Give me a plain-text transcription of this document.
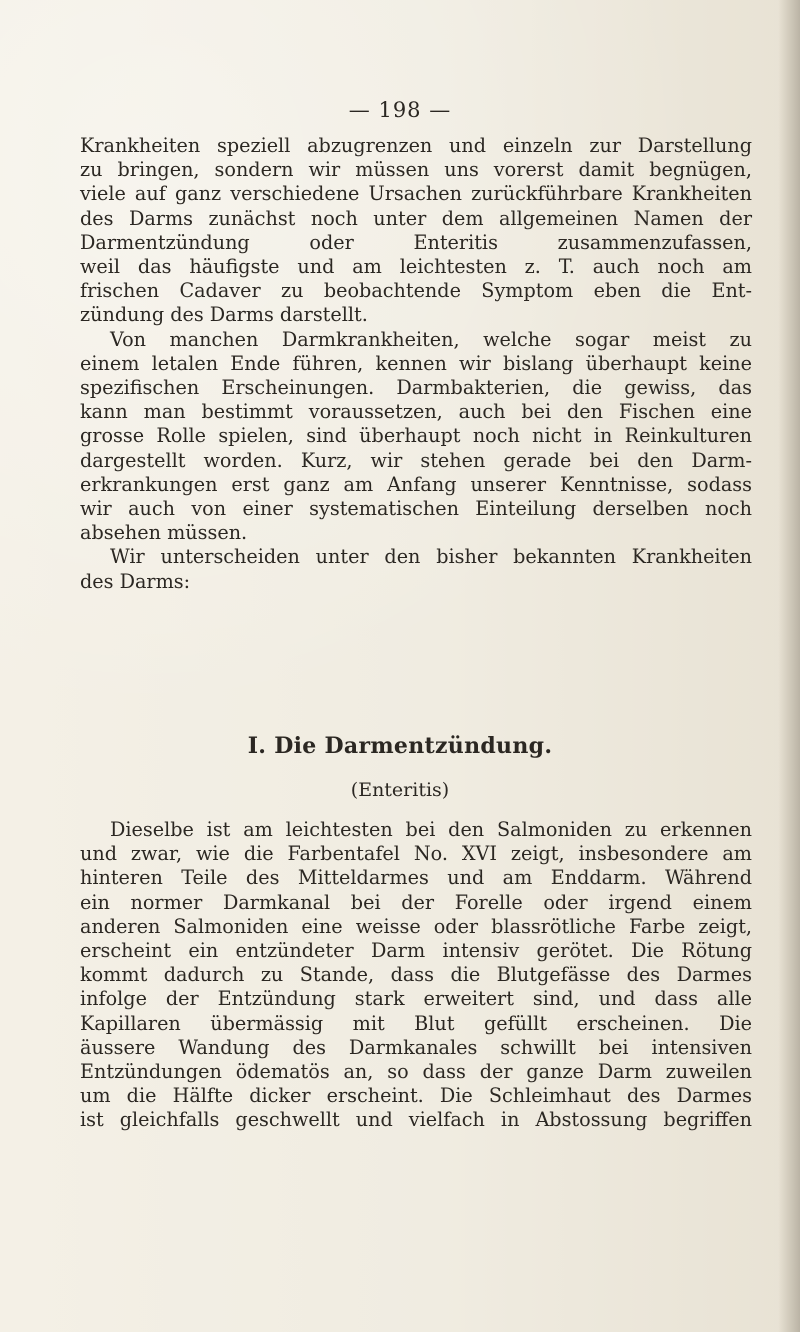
— 198 —
Krankheiten speziell abzugrenzen und einzeln zur Darstellung
zu bringen, sondern wir müssen uns vorerst damit begnügen,
viele auf ganz verschiedene Ursachen zurückführbare Krankheiten
des Darms zunächst noch unter dem allgemeinen Namen der
Darmentzündung oder Enteritis zusammenzufassen,
weil das häufigste und am leichtesten z. T. auch noch am
frischen Cadaver zu beobachtende Symptom eben die Ent-
zündung des Darms darstellt.
Von manchen Darmkrankheiten, welche sogar meist zu
einem letalen Ende führen, kennen wir bislang überhaupt keine
spezifischen Erscheinungen. Darmbakterien, die gewiss, das
kann man bestimmt voraussetzen, auch bei den Fischen eine
grosse Rolle spielen, sind überhaupt noch nicht in Reinkulturen
dargestellt worden. Kurz, wir stehen gerade bei den Darm-
erkrankungen erst ganz am Anfang unserer Kenntnisse, sodass
wir auch von einer systematischen Einteilung derselben noch
absehen müssen.
Wir unterscheiden unter den bisher bekannten Krankheiten
des Darms:
I. Die Darmentzündung.
(Enteritis)
Dieselbe ist am leichtesten bei den Salmoniden zu erkennen
und zwar, wie die Farbentafel No. XVI zeigt, insbesondere am
hinteren Teile des Mitteldarmes und am Enddarm. Während
ein normer Darmkanal bei der Forelle oder irgend einem
anderen Salmoniden eine weisse oder blassrötliche Farbe zeigt,
erscheint ein entzündeter Darm intensiv gerötet. Die Rötung
kommt dadurch zu Stande, dass die Blutgefässe des Darmes
infolge der Entzündung stark erweitert sind, und dass alle
Kapillaren übermässig mit Blut gefüllt erscheinen. Die
äussere Wandung des Darmkanales schwillt bei intensiven
Entzündungen ödematös an, so dass der ganze Darm zuweilen
um die Hälfte dicker erscheint. Die Schleimhaut des Darmes
ist gleichfalls geschwellt und vielfach in Abstossung begriffen
